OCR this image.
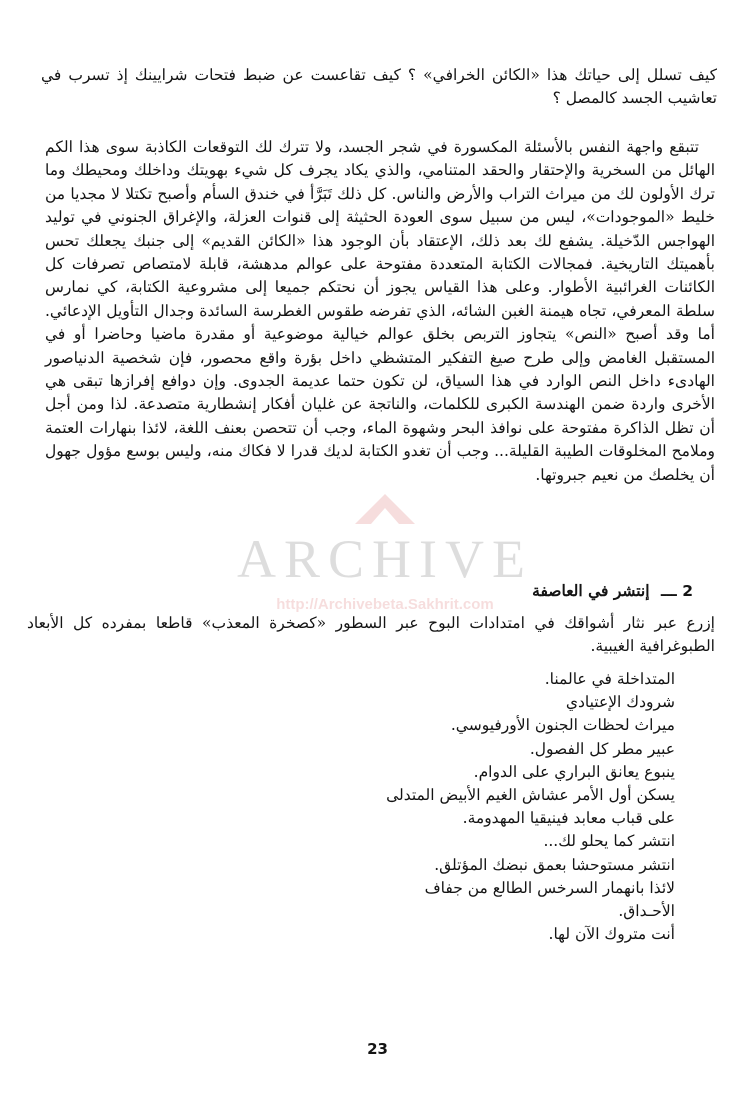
كيف تسلل إلى حياتك هذا «الكائن الخرافي» ؟ كيف تقاعست عن ضبط فتحات شرايينك إذ تسرب في تعاشيب الجسد كالمصل ؟

تتبقع واجهة النفس بالأسئلة المكسورة في شجر الجسد، ولا تترك لك التوقعات الكاذبة سوى هذا الكم الهائل من السخرية والإحتقار والحقد المتنامي، والذي يكاد يجرف كل شيء بهويتك وداخلك ومحيطك وما ترك الأولون لك من ميراث التراب والأرض والناس. كل ذلك تَبَرَّأ في خندق السأم وأصبح تكتلا لا مجديا من خليط «الموجودات»، ليس من سبيل سوى العودة الحثيثة إلى قنوات العزلة، والإغراق الجنوني في توليد الهواجس الدّخيلة. يشفع لك بعد ذلك، الإعتقاد بأن الوجود هذا «الكائن القديم» إلى جنبك يجعلك تحس بأهميتك التاريخية. فمجالات الكتابة المتعددة مفتوحة على عوالم مدهشة، قابلة لامتصاص تصرفات كل الكائنات الغرائبية الأطوار. وعلى هذا القياس يجوز أن نحتكم جميعا إلى مشروعية الكتابة، كي نمارس سلطة المعرفي، تجاه هيمنة الغبن الشائه، الذي تفرضه طقوس الغطرسة السائدة وجدال التأويل الإدعائي. أما وقد أصبح «النص» يتجاوز التربص بخلق عوالم خيالية موضوعية أو مقدرة ماضيا وحاضرا أو في المستقبل الغامض وإلى طرح صيغ التفكير المتشظي داخل بؤرة واقع محصور، فإن شخصية الدنياصور الهادىء داخل النص الوارد في هذا السياق، لن تكون حتما عديمة الجدوى. وإن دوافع إفرازها تبقى هي الأخرى واردة ضمن الهندسة الكبرى للكلمات، والناتجة عن غليان أفكار إنشطارية متصدعة. لذا ومن أجل أن تظل الذاكرة مفتوحة على نوافذ البحر وشهوة الماء، وجب أن تتحصن بعنف اللغة، لائذا بنهارات العتمة وملامح المخلوقات الطيبة القليلة... وجب أن تغدو الكتابة لديك قدرا لا فكاك منه، وليس بوسع مؤول جهول أن يخلصك من نعيم جبروتها.

2 ـــ إنتشر في العاصفة

إزرع عبر نثار أشواقك في امتدادات البوح عبر السطور «كصخرة المعذب» قاطعا بمفرده كل الأبعاد الطبوغرافية الغيبية.

المتداخلة في عالمنا.
شرودك الإعتيادي
ميراث لحظات الجنون الأورفيوسي.
عبير مطر كل الفصول.
ينبوع يعانق البراري على الدوام.
يسكن أول الأمر عشاش الغيم الأبيض المتدلى
على قباب معابد فينيقيا المهدومة.
انتشر كما يحلو لك...
انتشر مستوحشا بعمق نبضك المؤتلق.
لائذا بانهمار السرخس الطالع من جفاف
الأحـداق.
أنت متروك الآن لها.
ARCHIVE
http://Archivebeta.Sakhrit.com
23
